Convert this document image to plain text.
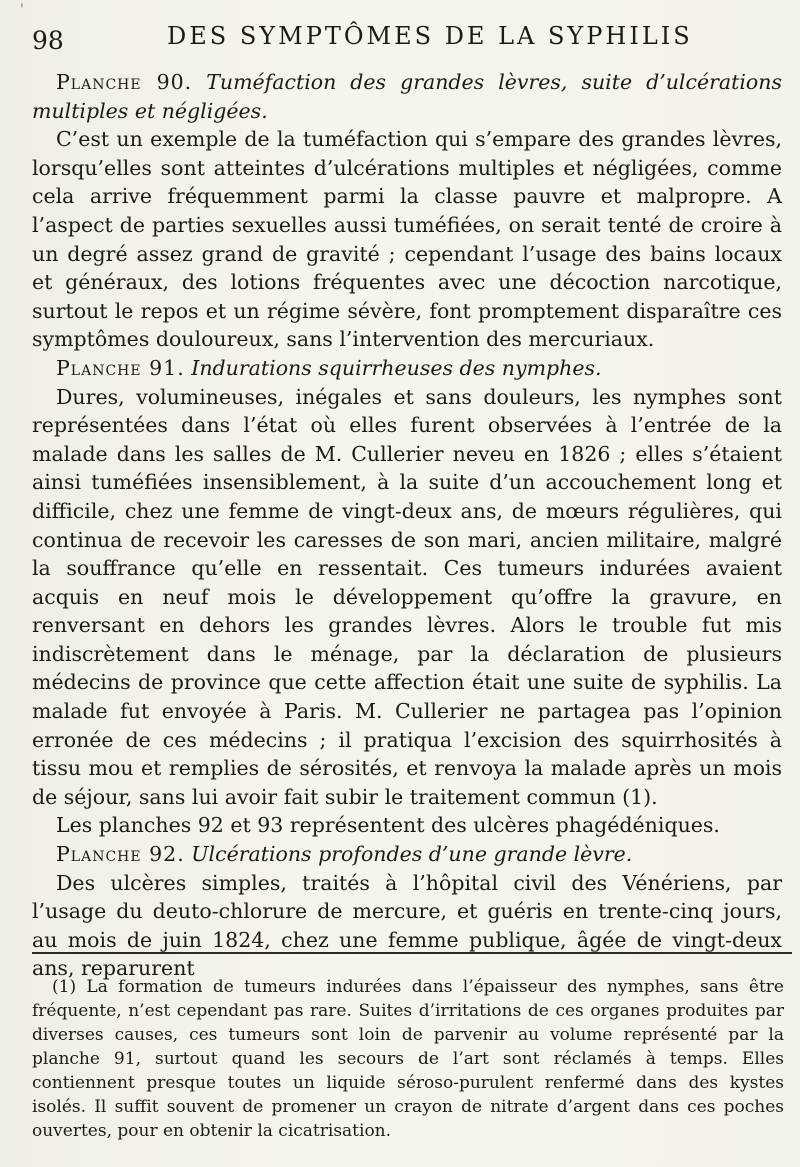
'
98	DES SYMPTÔMES DE LA SYPHILIS

Planche 90. Tuméfaction des grandes lèvres, suite d’ulcérations multiples et négligées.

C’est un exemple de la tuméfaction qui s’empare des grandes lèvres, lorsqu’elles sont atteintes d’ulcérations multiples et négligées, comme cela arrive fréquemment parmi la classe pauvre et malpropre. A l’aspect de parties sexuelles aussi tuméfiées, on serait tenté de croire à un degré assez grand de gravité ; cependant l’usage des bains locaux et généraux, des lotions fréquentes avec une décoction narcotique, surtout le repos et un régime sévère, font promptement disparaître ces symptômes douloureux, sans l’intervention des mercuriaux.

Planche 91. Indurations squirrheuses des nymphes.

Dures, volumineuses, inégales et sans douleurs, les nymphes sont représentées dans l’état où elles furent observées à l’entrée de la malade dans les salles de M. Cullerier neveu en 1826 ; elles s’étaient ainsi tuméfiées insensiblement, à la suite d’un accouchement long et difficile, chez une femme de vingt-deux ans, de mœurs régulières, qui continua de recevoir les caresses de son mari, ancien militaire, malgré la souffrance qu’elle en ressentait. Ces tumeurs indurées avaient acquis en neuf mois le développement qu’offre la gravure, en renversant en dehors les grandes lèvres. Alors le trouble fut mis indiscrètement dans le ménage, par la déclaration de plusieurs médecins de province que cette affection était une suite de syphilis. La malade fut envoyée à Paris. M. Cullerier ne partagea pas l’opinion erronée de ces médecins ; il pratiqua l’excision des squirrhosités à tissu mou et remplies de sérosités, et renvoya la malade après un mois de séjour, sans lui avoir fait subir le traitement commun (1).

Les planches 92 et 93 représentent des ulcères phagédéniques.

Planche 92. Ulcérations profondes d’une grande lèvre.

Des ulcères simples, traités à l’hôpital civil des Vénériens, par l’usage du deuto-chlorure de mercure, et guéris en trente-cinq jours, au mois de juin 1824, chez une femme publique, âgée de vingt-deux ans, reparurent

(1) La formation de tumeurs indurées dans l’épaisseur des nymphes, sans être fréquente, n’est cependant pas rare. Suites d’irritations de ces organes produites par diverses causes, ces tumeurs sont loin de parvenir au volume représenté par la planche 91, surtout quand les secours de l’art sont réclamés à temps. Elles contiennent presque toutes un liquide séroso-purulent renfermé dans des kystes isolés. Il suffit souvent de promener un crayon de nitrate d’argent dans ces poches ouvertes, pour en obtenir la cicatrisation.
